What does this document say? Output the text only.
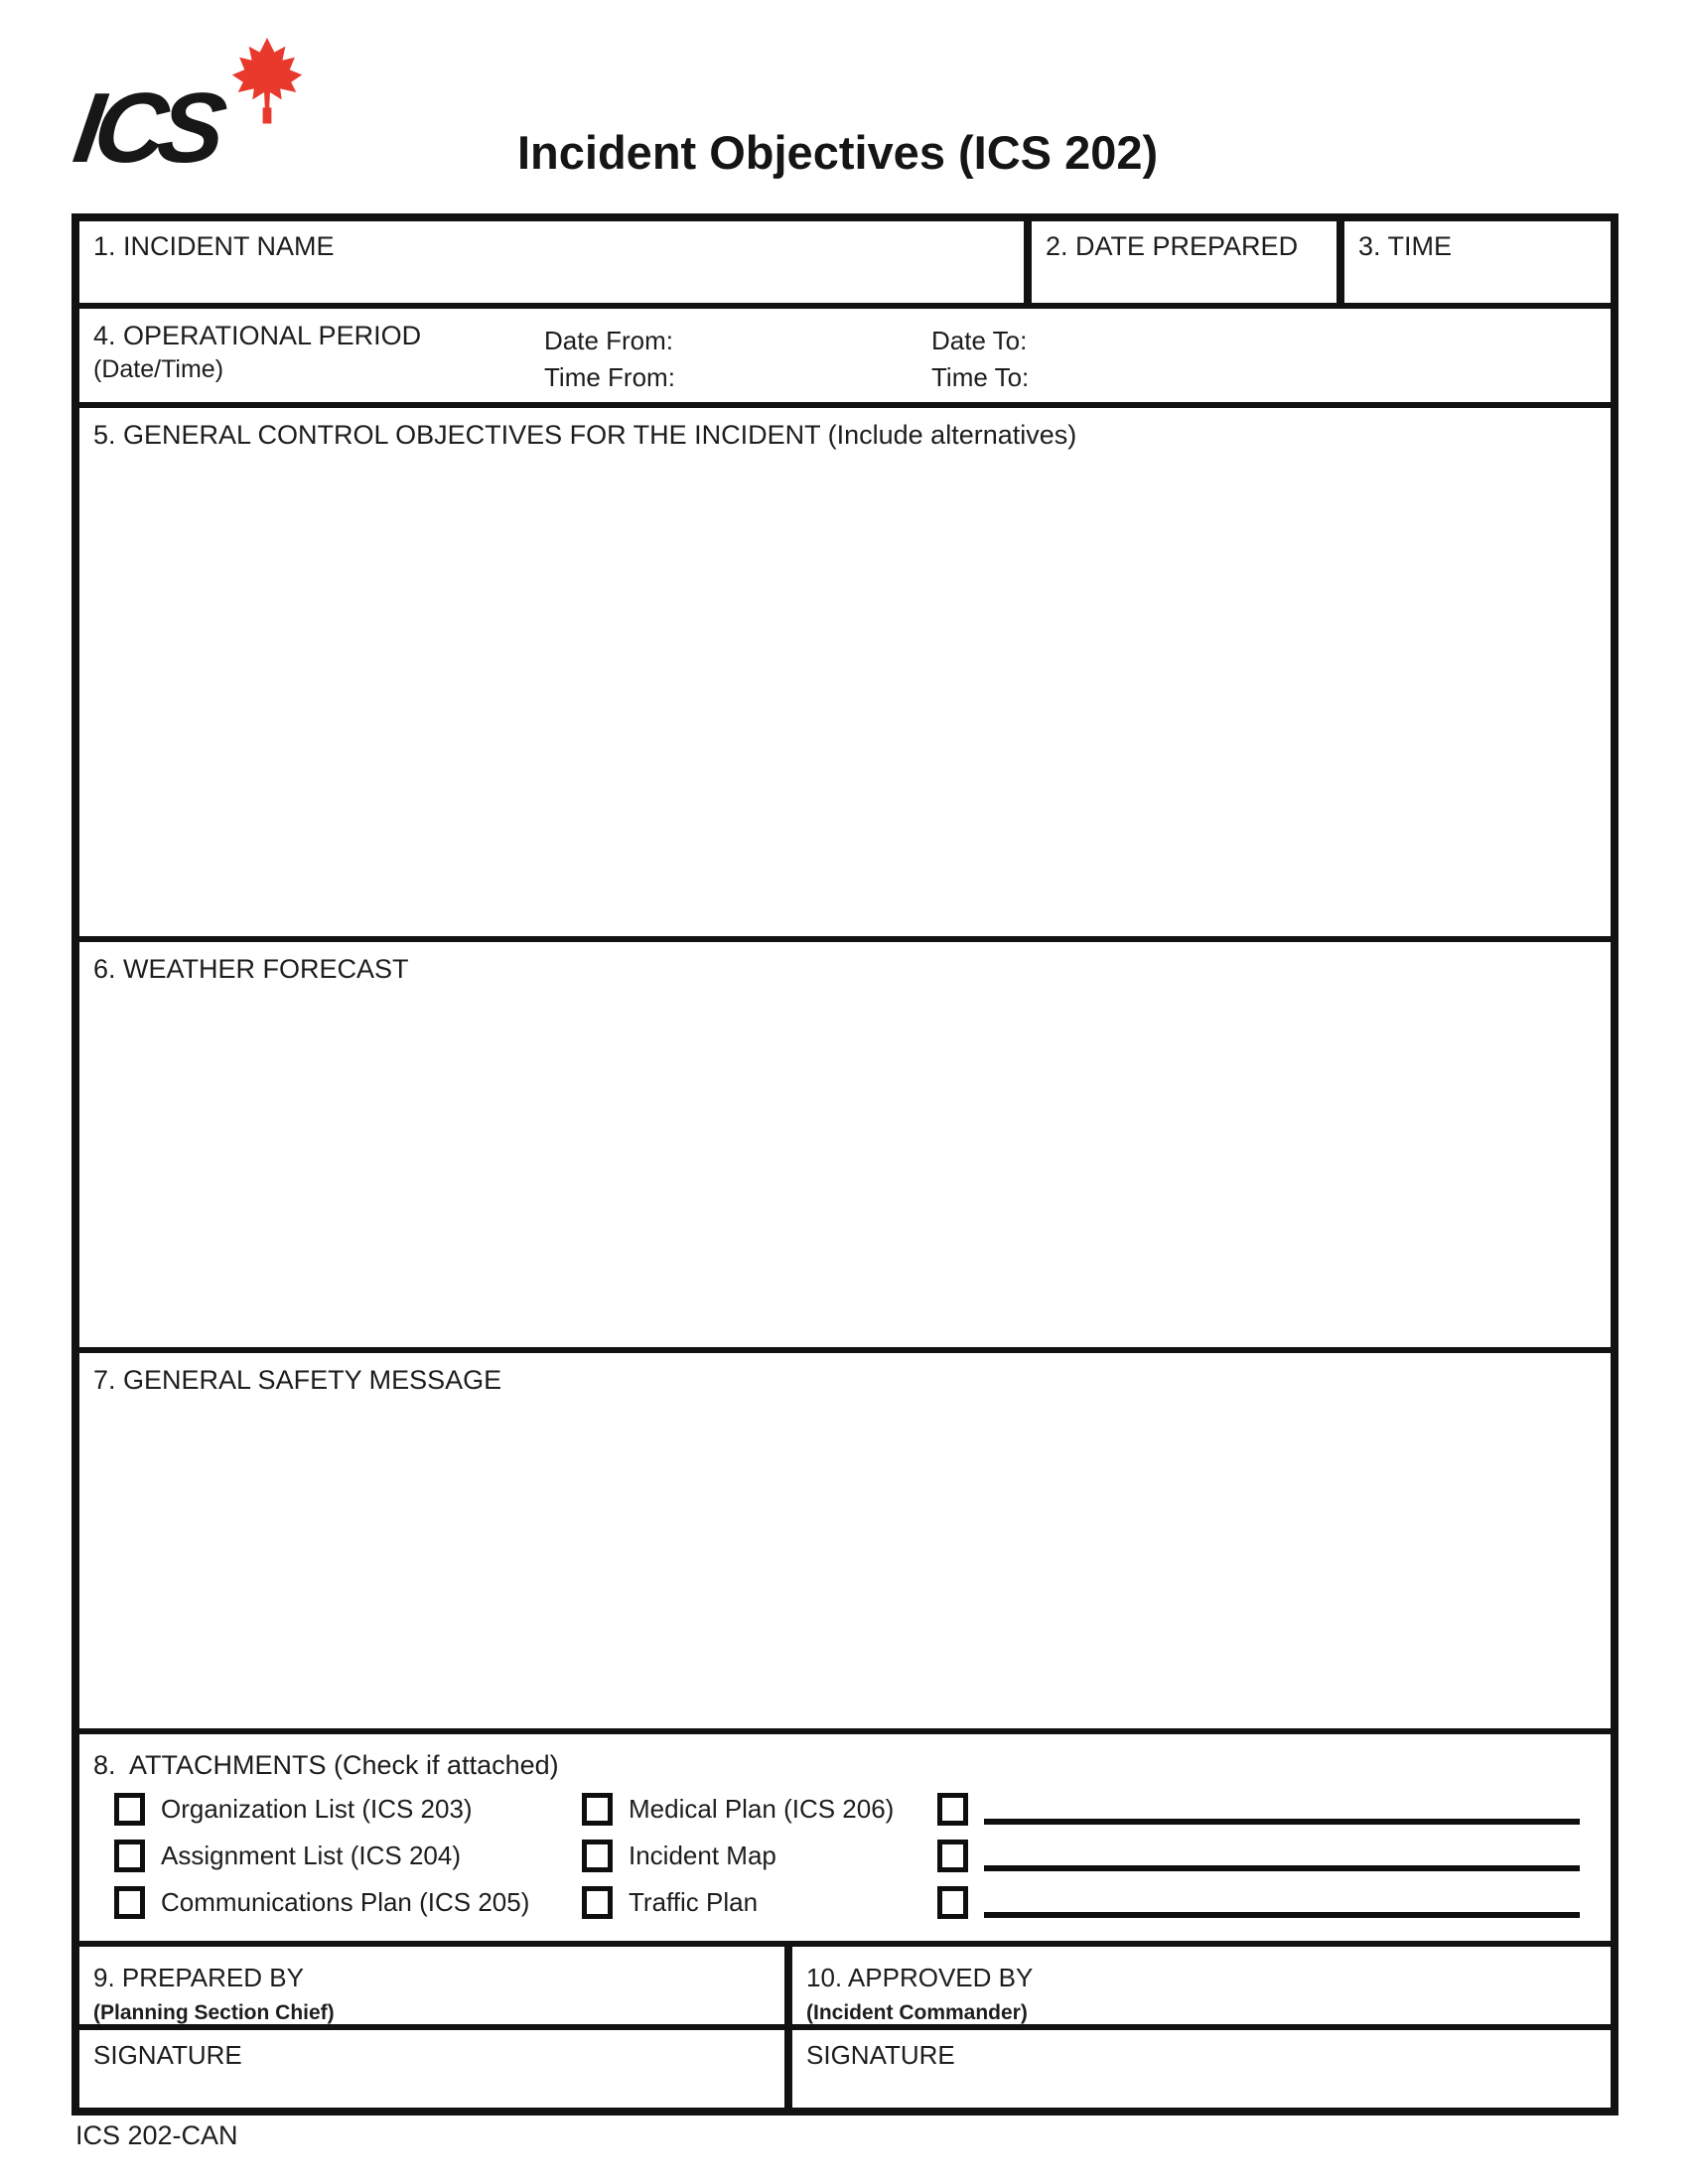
ICS	Incident Objectives (ICS 202)
1. INCIDENT NAME	2. DATE PREPARED	3. TIME
4. OPERATIONAL PERIOD
(Date/Time)
Date From:
Time From:
Date To:
Time To:
5. GENERAL CONTROL OBJECTIVES FOR THE INCIDENT (Include alternatives)
6. WEATHER FORECAST
7. GENERAL SAFETY MESSAGE
8.  ATTACHMENTS (Check if attached)
Organization List (ICS 203)
Assignment List (ICS 204)
Communications Plan (ICS 205)
Medical Plan (ICS 206)
Incident Map
Traffic Plan
9. PREPARED BY
(Planning Section Chief)
SIGNATURE
10. APPROVED BY
(Incident Commander)
SIGNATURE
ICS 202-CAN
